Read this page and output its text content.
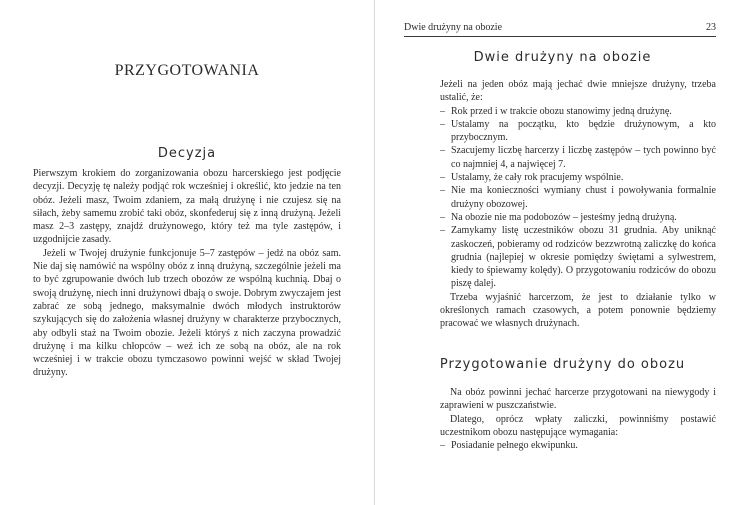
PRZYGOTOWANIA
Decyzja

Pierwszym krokiem do zorganizowania obozu harcerskiego jest podjęcie decyzji. Decyzję tę należy podjąć rok wcześniej i określić, kto jedzie na ten obóz. Jeżeli masz, Twoim zdaniem, za małą drużynę i nie czujesz się na siłach, żeby samemu zrobić taki obóz, skonfederuj się z inną drużyną. Jeżeli masz 2–3 zastępy, znajdź drużynowego, który też ma tyle zastępów, i uzgodnijcie zasady.

Jeżeli w Twojej drużynie funkcjonuje 5–7 zastępów – jedź na obóz sam. Nie daj się namówić na wspólny obóz z inną drużyną, szczególnie jeżeli ma to być zgrupowanie dwóch lub trzech obozów ze wspólną kuchnią. Dbaj o swoją drużynę, niech inni drużynowi dbają o swoje. Dobrym zwyczajem jest zabrać ze sobą jednego, maksymalnie dwóch młodych instruktorów szykujących się do założenia własnej drużyny w charakterze przybocznych, aby odbyli staż na Twoim obozie. Jeżeli któryś z nich zaczyna prowadzić drużynę i ma kilku chłopców – weź ich ze sobą na obóz, ale na rok wcześniej i w trakcie obozu tymczasowo powinni wejść w skład Twojej drużyny.

Dwie drużyny na obozie	23
Dwie drużyny na obozie

Jeżeli na jeden obóz mają jechać dwie mniejsze drużyny, trzeba ustalić, że:

– Rok przed i w trakcie obozu stanowimy jedną drużynę.
– Ustalamy na początku, kto będzie drużynowym, a kto przybocznym.
– Szacujemy liczbę harcerzy i liczbę zastępów – tych powinno być co najmniej 4, a najwięcej 7.
– Ustalamy, że cały rok pracujemy wspólnie.
– Nie ma konieczności wymiany chust i powoływania formalnie drużyny obozowej.
– Na obozie nie ma podobozów – jesteśmy jedną drużyną.
– Zamykamy listę uczestników obozu 31 grudnia. Aby uniknąć zaskoczeń, pobieramy od rodziców bezzwrotną zaliczkę do końca grudnia (najlepiej w okresie pomiędzy świętami a sylwestrem, kiedy to śpiewamy kolędy). O przygotowaniu rodziców do obozu piszę dalej.

Trzeba wyjaśnić harcerzom, że jest to działanie tylko w określonych ramach czasowych, a potem ponownie będziemy pracować we własnych drużynach.

Przygotowanie drużyny do obozu

Na obóz powinni jechać harcerze przygotowani na niewygody i zaprawieni w puszczaństwie.

Dlatego, oprócz wpłaty zaliczki, powinniśmy postawić uczestnikom obozu następujące wymagania:

– Posiadanie pełnego ekwipunku.
